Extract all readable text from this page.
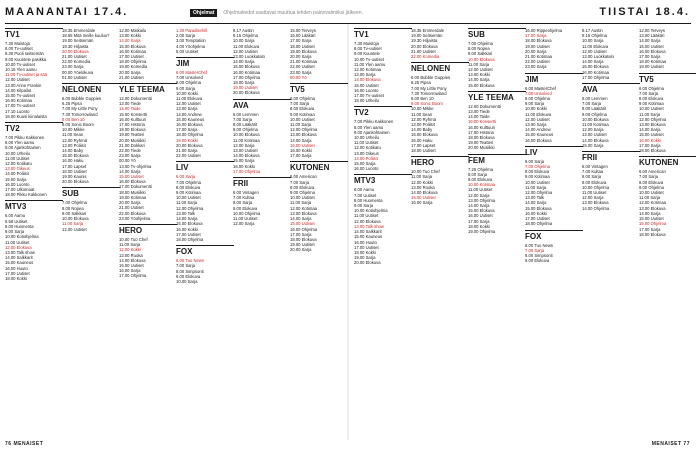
MAANANTAI 17.4.	Ohjelmat	Ohjelmatiedot saattavat muuttua lehden painovalmiiksi jälkeen.	TIISTAI 18.4.
TV1
7.30 Muistoja
8.00 Tv-uutiset
8.30 Puoli seitsemän
9.00 Kuuntele pasikka
10.00 Tv-uutiset
10.15 Ylen aamu
11.00 Tv-uutiset ja sää
12.00 Uutiset
13.00 Anne Frankin
14.00 Kilpailut
15.00 Tv-uutiset
16.00 Kotimaa
17.00 Tv-uutiset
17.10 Luonto
18.00 Kuusi kiinalaista
TV2
7.00 Pikku Kakkonen
8.00 Ylen aamu
9.00 Ajankohtainen
10.00 Urheilu
11.00 Uutiset
12.00 Kotikatu
13.00 Oikeus
14.00 Poliisit
15.00 Sarja
16.00 Luonto
17.00 Ulkomaat
18.00 Pikku Kakkonen
MTV3
6.00 Aamu
6.58 Uutiset
8.00 Huomenta
9.00 Sarja
10.00 Kotiohjelma
11.00 Uutiset
12.00 Elokuva
13.00 Talk show
14.00 Salkkarit
15.00 Kauneus
16.00 Huuto
17.00 Uutiset
18.00 Kokki
18.35 Emmerdale
18.55 Mitä meille kuuluu?
19.00 Seitsemän
19.30 Hiljaista
20.00 Elokuva
21.00 Uutiset
22.00 Komedia
23.00 Sarja
00.00 Yöelokuva
01.00 Uutiset
NELONEN
6.00 Bubble Guppies
6.25 Pipsa
7.00 My Little Pony
7.30 Tomorrowland
8.00 Ben 10
9.00 Sonic Boom
10.00 Mikke
11.00 Sean
12.00 Ryhmä
13.00 Poliisit
14.00 Baby
15.00 Elokuva
16.00 Haku
17.00 Lapset
18.00 Uutiset
19.00 Kaunis
20.00 Elokuva
SUB
7.00 Ohjelma
8.00 Nopea
9.00 Salkkari
10.00 Elokuva
11.00 Sarja
12.00 Uutiset
12.00 Matkailu
13.00 Kokki
14.00 Sarja
15.00 Elokuva
16.00 Kotimaa
17.00 Uutiset
18.00 Ohjelma
19.00 Komedia
20.00 Sarja
21.00 Uutiset
YLE TEEMA
12.00 Dokumentti
13.00 Tiede
14.00 Taide
15.00 Konsertti
16.00 Kulttuuri
17.00 Historia
18.00 Elokuva
19.00 Teatteri
20.00 Musiikki
21.00 Dokkari
22.00 Tiede
23.00 Sarja
00.00 Yö
13.00 Tv-ohjelma
14.00 Sarja
15.00 Uutiset
16.00 Elokuva
17.00 Dokumentti
18.00 Musiikki
19.00 Kotimaa
20.00 Sarja
21.00 Uutiset
22.00 Elokuva
23.00 Yöohjelma
HERO
10.00 Tuo Chef
11.00 Sarja
12.00 Kokki
13.00 Ruoka
14.00 Elokuva
15.00 Uutiset
16.00 Sarja
17.00 Ohjelma
1.30 Paradisehill
2.00 Sarja
3.00 Temptation
4.00 Yöohjelma
5.00 Uutiset
JIM
6.00 MasterChef
7.00 Unsolved
8.00 Ohjelma
9.00 Sarja
10.00 Kokki
11.00 Elokuva
12.00 Uutiset
13.00 Sarja
14.00 Andrew
15.00 Kauneus
16.00 Elokuva
17.00 Sarja
18.00 Ohjelma
19.00 Kokki
20.00 Elokuva
21.00 Sarja
22.00 Uutiset
LIV
6.00 Sarja
7.00 Ohjelma
8.00 Elokuva
9.00 Kotimaa
10.00 Uutiset
11.00 Sarja
12.00 Ohjelma
13.00 Talk
14.00 Sarja
15.00 Elokuva
16.00 Kokki
17.00 Uutiset
18.00 Ohjelma
FOX
6.00 Tuo News
7.00 Sarja
8.00 Simpsonit
9.00 Elokuva
10.00 Sarja
8.17 Austin
9.15 Ohjelma
10.00 Sarja
11.00 Elokuva
12.00 Uutiset
13.00 Luokkatalo
14.00 Sarja
15.00 Elokuva
16.00 Kotimaa
17.00 Ohjelma
18.00 Sarja
19.00 Uutiset
20.00 Elokuva
AVA
6.00 Lemmen
7.00 Sarja
8.00 Lääkärit
9.00 Ohjelma
10.00 Elokuva
11.00 Kotimaa
12.00 Sarja
13.00 Uutiset
14.00 Elokuva
15.00 Sarja
16.00 Kokki
17.00 Ohjelma
FRII
6.00 Vintagen
7.00 Kultaa
8.00 Sarja
9.00 Elokuva
10.00 Ohjelma
11.00 Uutiset
12.00 Sarja
15.00 Terveys
16.00 Lääkäri
17.00 Sarja
18.00 Uutiset
19.00 Elokuva
20.00 Sarja
21.00 Kotimaa
22.00 Uutiset
23.00 Sarja
00.00 Yö
TV5
6.00 Ohjelma
7.00 Sarja
8.00 Elokuva
9.00 Kotimaa
10.00 Uutiset
11.00 Sarja
12.00 Ohjelma
13.00 Elokuva
14.00 Sarja
15.00 Uutiset
16.00 Kokki
17.00 Sarja
KUTONEN
6.00 American
7.00 Sarja
8.00 Elokuva
9.00 Ohjelma
10.00 Uutiset
11.00 Sarja
12.00 Kotimaa
13.00 Elokuva
14.00 Sarja
15.00 Uutiset
16.00 Ohjelma
17.00 Sarja
18.00 Elokuva
19.00 Uutiset
20.00 Sarja
TV1
7.30 Muistoja
8.00 Tv-uutiset
9.00 Kuuntele
10.00 Tv-uutiset
11.00 Ylen aamu
12.00 Kotimaa
13.00 Sarja
14.00 Elokuva
15.00 Uutiset
16.00 Luonto
17.00 Tv-uutiset
18.00 Urheilu
TV2
7.00 Pikku Kakkonen
8.00 Ylen aamu
9.00 Ajankohtainen
10.00 Urheilu
11.00 Uutiset
12.00 Kotikatu
13.00 Oikeus
14.00 Poliisit
15.00 Sarja
16.00 Luonto
MTV3
6.00 Aamu
7.00 Uutiset
8.00 Huomenta
9.00 Sarja
10.00 Kotiohjelma
11.00 Uutiset
12.00 Elokuva
13.00 Talk show
14.00 Salkkarit
15.00 Kauneus
16.00 Huuto
17.00 Uutiset
18.00 Kokki
19.00 Sarja
20.00 Elokuva
18.35 Emmerdale
19.00 Seitsemän
19.30 Hiljaista
20.00 Elokuva
21.00 Uutiset
22.00 Komedia
NELONEN
6.00 Bubble Guppies
6.25 Pipsa
7.00 My Little Pony
7.30 Tomorrowland
8.00 Ben 10
9.00 Sonic Boom
10.00 Mikke
11.00 Sean
12.00 Ryhmä
13.00 Poliisit
14.00 Baby
15.00 Elokuva
16.00 Haku
17.00 Lapset
18.00 Uutiset
HERO
10.00 Tuo Chef
11.00 Sarja
12.00 Kokki
13.00 Ruoka
14.00 Elokuva
15.00 Uutiset
16.00 Sarja
SUB
7.00 Ohjelma
8.00 Nopea
9.00 Salkkari
10.00 Elokuva
11.00 Sarja
12.00 Uutiset
13.00 Kokki
14.00 Sarja
15.00 Elokuva
YLE TEEMA
12.00 Dokumentti
13.00 Tiede
14.00 Taide
15.00 Konsertti
16.00 Kulttuuri
17.00 Historia
18.00 Elokuva
19.00 Teatteri
20.00 Musiikki
FEM
7.25 Ohjelma
8.00 Sarja
9.00 Elokuva
10.00 Kotimaa
11.00 Uutiset
12.00 Sarja
13.00 Ohjelma
14.00 Sarja
15.00 Elokuva
16.00 Uutiset
17.00 Sarja
18.00 Kokki
19.00 Ohjelma
16.00 Rippeohjelma
17.00 Sarja
18.00 Elokuva
19.00 Uutiset
20.00 Sarja
21.00 Kotimaa
22.00 Uutiset
23.00 Sarja
JIM
6.00 MasterChef
7.00 Unsolved
8.00 Ohjelma
9.00 Sarja
10.00 Kokki
11.00 Elokuva
12.00 Uutiset
13.00 Sarja
14.00 Andrew
15.00 Kauneus
16.00 Elokuva
LIV
6.00 Sarja
7.00 Ohjelma
8.00 Elokuva
9.00 Kotimaa
10.00 Uutiset
11.00 Sarja
12.00 Ohjelma
13.00 Talk
14.00 Sarja
15.00 Elokuva
16.00 Kokki
17.00 Uutiset
18.00 Ohjelma
FOX
6.00 Tuo News
7.00 Sarja
8.00 Simpsonit
9.00 Elokuva
8.17 Austin
9.15 Ohjelma
10.00 Sarja
11.00 Elokuva
12.00 Uutiset
13.00 Luokkatalo
14.00 Sarja
15.00 Elokuva
16.00 Kotimaa
17.00 Ohjelma
AVA
6.00 Lemmen
7.00 Sarja
8.00 Lääkärit
9.00 Ohjelma
10.00 Elokuva
11.00 Kotimaa
12.00 Sarja
13.00 Uutiset
14.00 Elokuva
15.00 Sarja
FRII
6.00 Vintagen
7.00 Kultaa
8.00 Sarja
9.00 Elokuva
10.00 Ohjelma
11.00 Uutiset
12.00 Sarja
13.00 Elokuva
14.00 Ohjelma
12.00 Terveys
13.00 Lääkäri
14.00 Sarja
15.00 Uutiset
16.00 Elokuva
17.00 Sarja
18.00 Kotimaa
19.00 Uutiset
TV5
6.00 Ohjelma
7.00 Sarja
8.00 Elokuva
9.00 Kotimaa
10.00 Uutiset
11.00 Sarja
12.00 Ohjelma
13.00 Elokuva
14.00 Sarja
15.00 Uutiset
16.00 Kokki
17.00 Sarja
18.00 Elokuva
KUTONEN
6.00 American
7.00 Sarja
8.00 Elokuva
9.00 Ohjelma
10.00 Uutiset
11.00 Sarja
12.00 Kotimaa
13.00 Elokuva
14.00 Sarja
15.00 Uutiset
16.00 Ohjelma
17.00 Sarja
18.00 Elokuva
76 MENAISET	MENAISET 77
